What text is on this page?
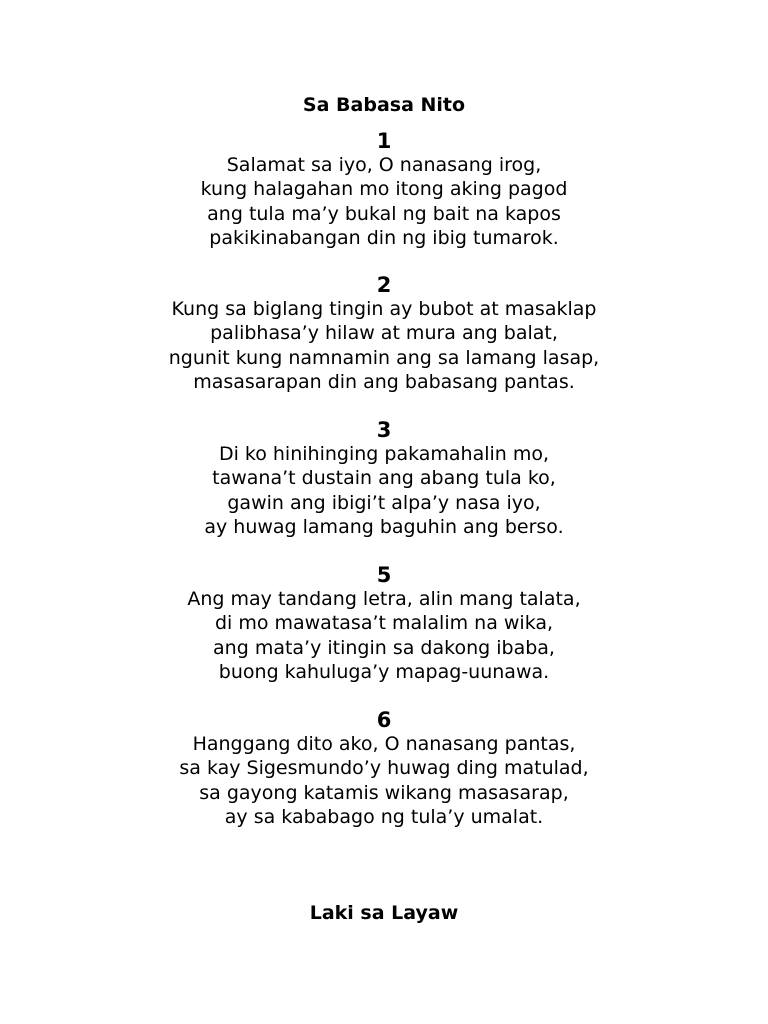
Sa Babasa Nito
1
Salamat sa iyo, O nanasang irog,
kung halagahan mo itong aking pagod
ang tula ma’y bukal ng bait na kapos
pakikinabangan din ng ibig tumarok.
2
Kung sa biglang tingin ay bubot at masaklap
palibhasa’y hilaw at mura ang balat,
ngunit kung namnamin ang sa lamang lasap,
masasarapan din ang babasang pantas.
3
Di ko hinihinging pakamahalin mo,
tawana’t dustain ang abang tula ko,
gawin ang ibigi’t alpa’y nasa iyo,
ay huwag lamang baguhin ang berso.
5
Ang may tandang letra, alin mang talata,
di mo mawatasa’t malalim na wika,
ang mata’y itingin sa dakong ibaba,
buong kahuluga’y mapag-uunawa.
6
Hanggang dito ako, O nanasang pantas,
sa kay Sigesmundo’y huwag ding matulad,
sa gayong katamis wikang masasarap,
ay sa kababago ng tula’y umalat.
Laki sa Layaw
